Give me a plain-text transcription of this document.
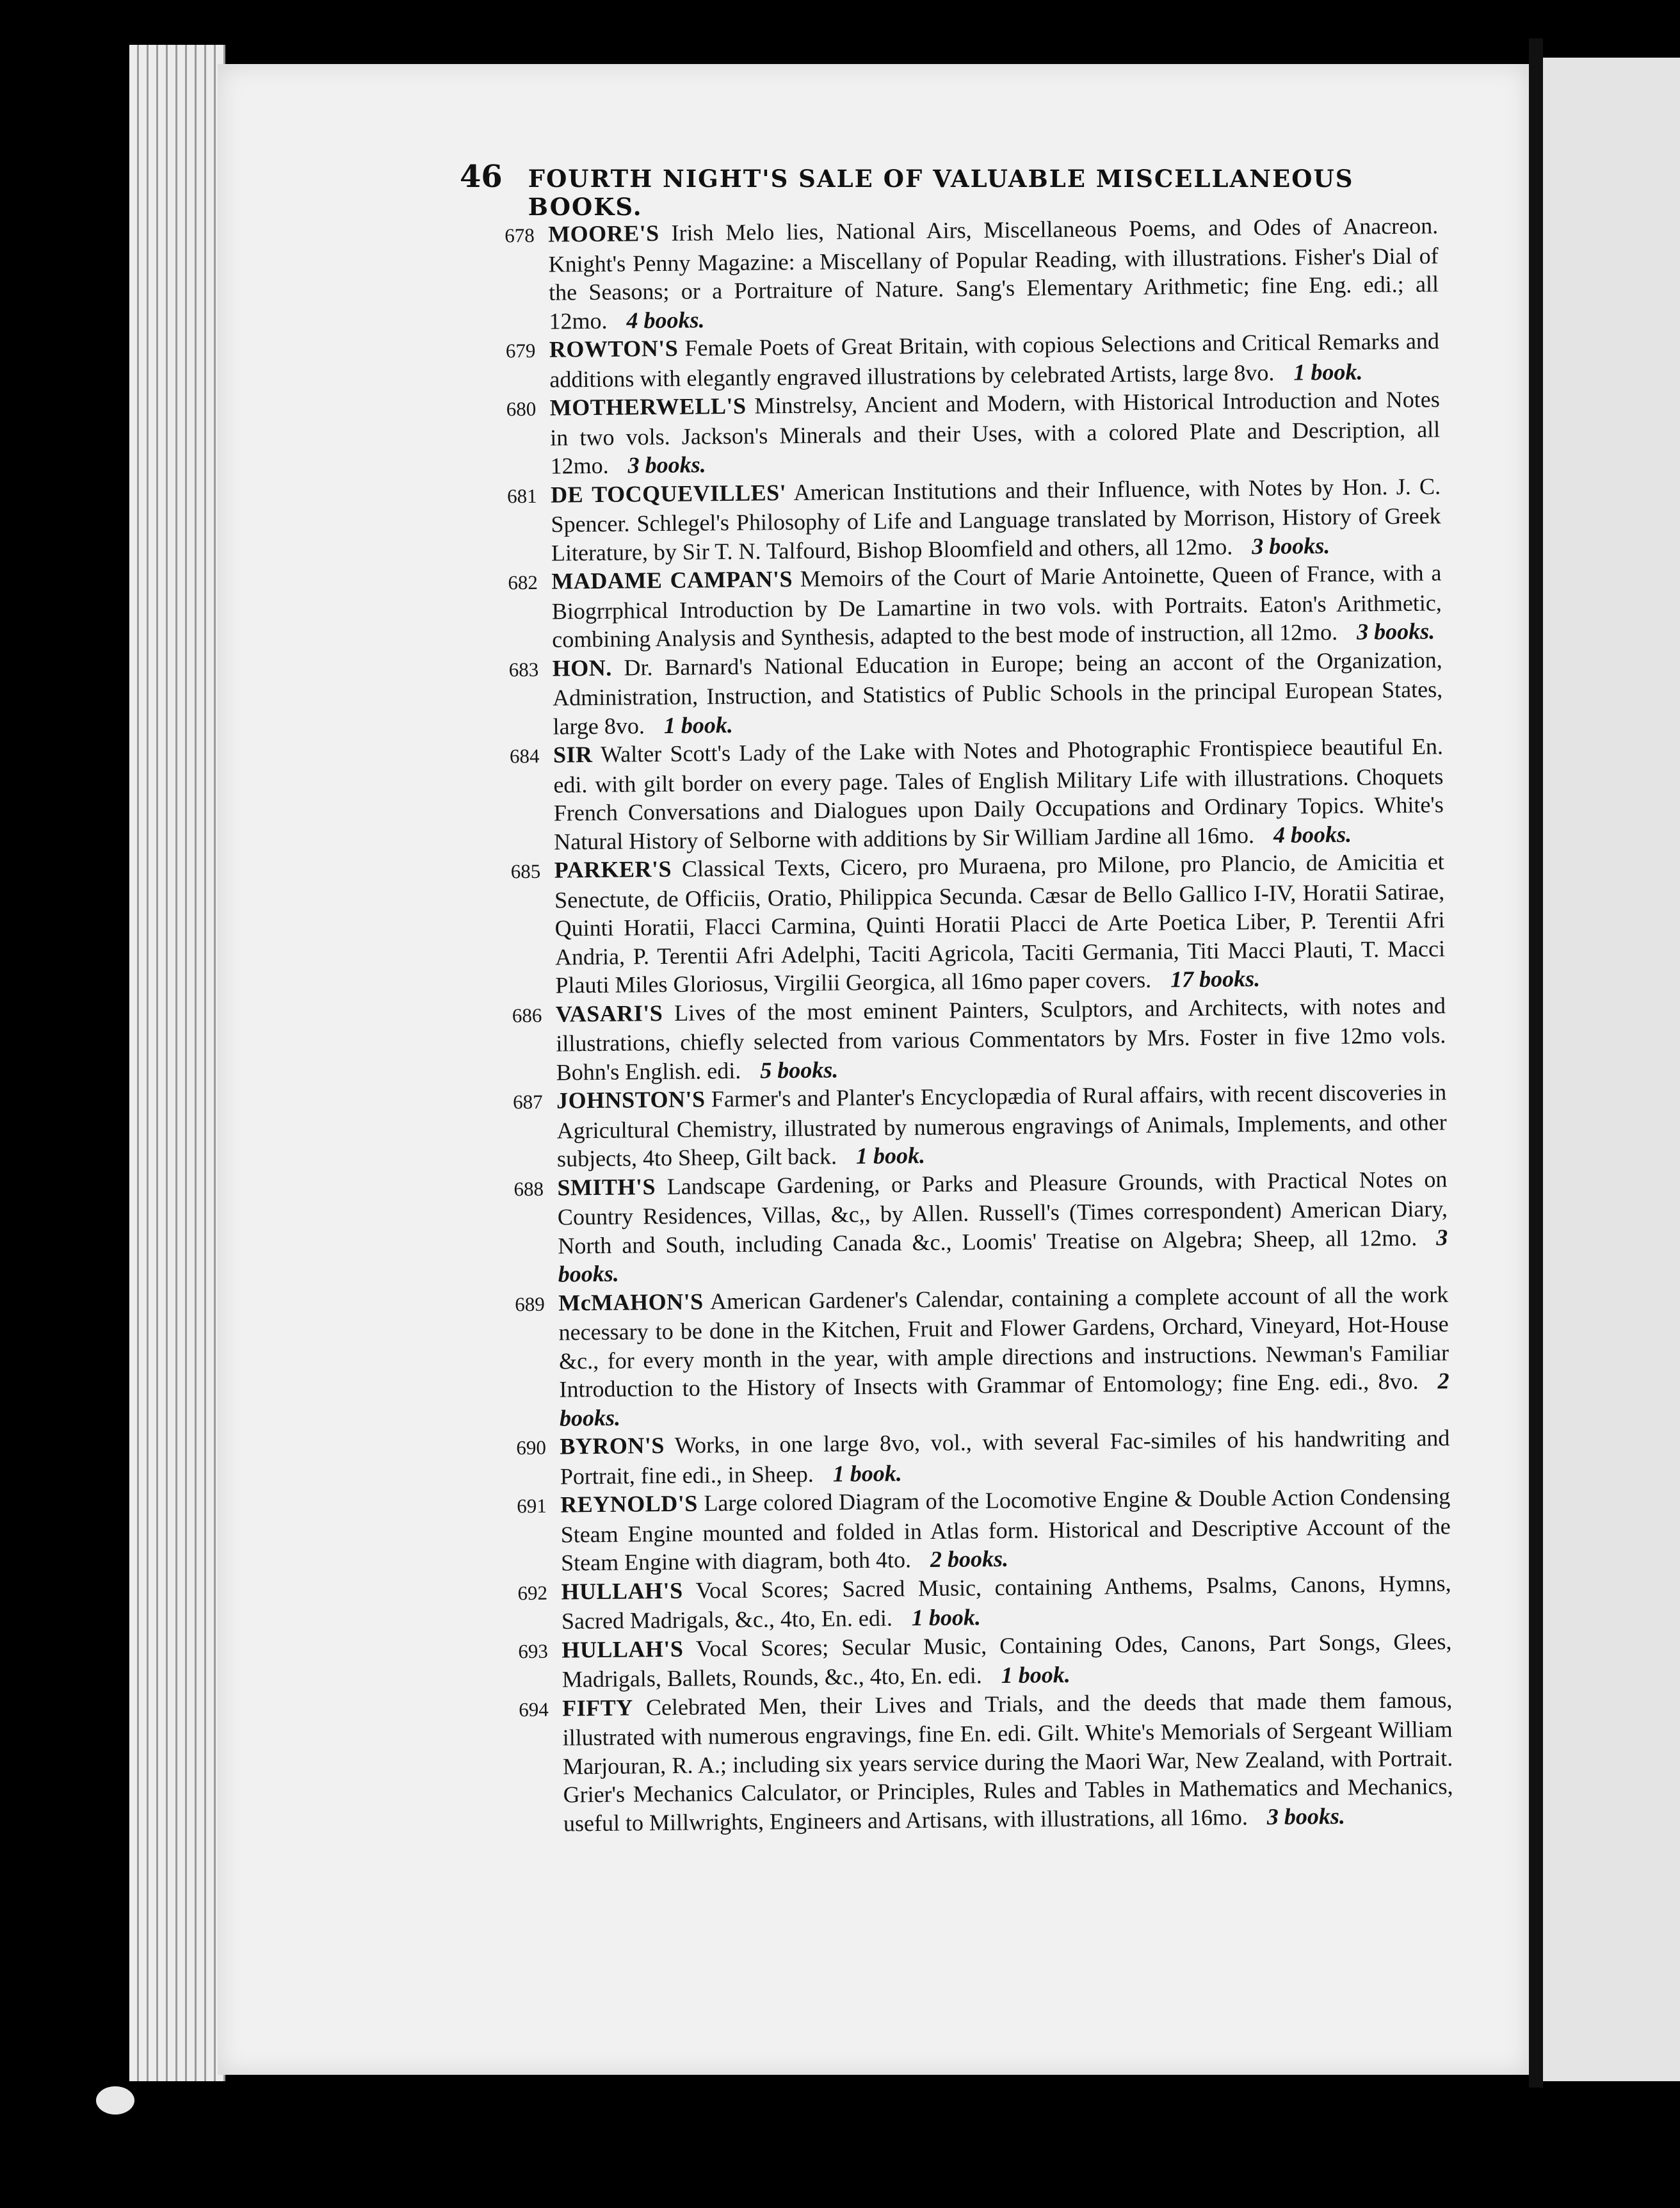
46 FOURTH NIGHT'S SALE OF VALUABLE MISCELLANEOUS BOOKS.
678 MOORE'S Irish Melo lies, National Airs, Miscellaneous Poems, and Odes of Anacreon. Knight's Penny Magazine: a Miscellany of Popular Reading, with illustrations. Fisher's Dial of the Seasons; or a Portraiture of Nature. Sang's Elementary Arithmetic; fine Eng. edi.; all 12mo. 4 books.
679 ROWTON'S Female Poets of Great Britain, with copious Selections and Critical Remarks and additions with elegantly engraved illustrations by celebrated Artists, large 8vo. 1 book.
680 MOTHERWELL'S Minstrelsy, Ancient and Modern, with Historical Introduction and Notes in two vols. Jackson's Minerals and their Uses, with a colored Plate and Description, all 12mo. 3 books.
681 DE TOCQUEVILLES' American Institutions and their Influence, with Notes by Hon. J. C. Spencer. Schlegel's Philosophy of Life and Language translated by Morrison, History of Greek Literature, by Sir T. N. Talfourd, Bishop Bloomfield and others, all 12mo. 3 books.
682 MADAME CAMPAN'S Memoirs of the Court of Marie Antoinette, Queen of France, with a Biogrrphical Introduction by De Lamartine in two vols. with Portraits. Eaton's Arithmetic, combining Analysis and Synthesis, adapted to the best mode of instruction, all 12mo. 3 books.
683 HON. Dr. Barnard's National Education in Europe; being an accont of the Organization, Administration, Instruction, and Statistics of Public Schools in the principal European States, large 8vo. 1 book.
684 SIR Walter Scott's Lady of the Lake with Notes and Photographic Frontispiece beautiful En. edi. with gilt border on every page. Tales of English Military Life with illustrations. Choquets French Conversations and Dialogues upon Daily Occupations and Ordinary Topics. White's Natural History of Selborne with additions by Sir William Jardine all 16mo. 4 books.
685 PARKER'S Classical Texts, Cicero, pro Muraena, pro Milone, pro Plancio, de Amicitia et Senectute, de Officiis, Oratio, Philippica Secunda. Cæsar de Bello Gallico I-IV, Horatii Satirae, Quinti Horatii, Flacci Carmina, Quinti Horatii Placci de Arte Poetica Liber, P. Terentii Afri Andria, P. Terentii Afri Adelphi, Taciti Agricola, Taciti Germania, Titi Macci Plauti, T. Macci Plauti Miles Gloriosus, Virgilii Georgica, all 16mo paper covers. 17 books.
686 VASARI'S Lives of the most eminent Painters, Sculptors, and Architects, with notes and illustrations, chiefly selected from various Commentators by Mrs. Foster in five 12mo vols. Bohn's English. edi. 5 books.
687 JOHNSTON'S Farmer's and Planter's Encyclopædia of Rural affairs, with recent discoveries in Agricultural Chemistry, illustrated by numerous engravings of Animals, Implements, and other subjects, 4to Sheep, Gilt back. 1 book.
688 SMITH'S Landscape Gardening, or Parks and Pleasure Grounds, with Practical Notes on Country Residences, Villas, &c,, by Allen. Russell's (Times correspondent) American Diary, North and South, including Canada &c., Loomis' Treatise on Algebra; Sheep, all 12mo. 3 books.
689 McMAHON'S American Gardener's Calendar, containing a complete account of all the work necessary to be done in the Kitchen, Fruit and Flower Gardens, Orchard, Vineyard, Hot-House &c., for every month in the year, with ample directions and instructions. Newman's Familiar Introduction to the History of Insects with Grammar of Entomology; fine Eng. edi., 8vo. 2 books.
690 BYRON'S Works, in one large 8vo, vol., with several Fac-similes of his handwriting and Portrait, fine edi., in Sheep. 1 book.
691 REYNOLD'S Large colored Diagram of the Locomotive Engine & Double Action Condensing Steam Engine mounted and folded in Atlas form. Historical and Descriptive Account of the Steam Engine with diagram, both 4to. 2 books.
692 HULLAH'S Vocal Scores; Sacred Music, containing Anthems, Psalms, Canons, Hymns, Sacred Madrigals, &c., 4to, En. edi. 1 book.
693 HULLAH'S Vocal Scores; Secular Music, Containing Odes, Canons, Part Songs, Glees, Madrigals, Ballets, Rounds, &c., 4to, En. edi. 1 book.
694 FIFTY Celebrated Men, their Lives and Trials, and the deeds that made them famous, illustrated with numerous engravings, fine En. edi. Gilt. White's Memorials of Sergeant William Marjouran, R. A.; including six years service during the Maori War, New Zealand, with Portrait. Grier's Mechanics Calculator, or Principles, Rules and Tables in Mathematics and Mechanics, useful to Millwrights, Engineers and Artisans, with illustrations, all 16mo. 3 books.
